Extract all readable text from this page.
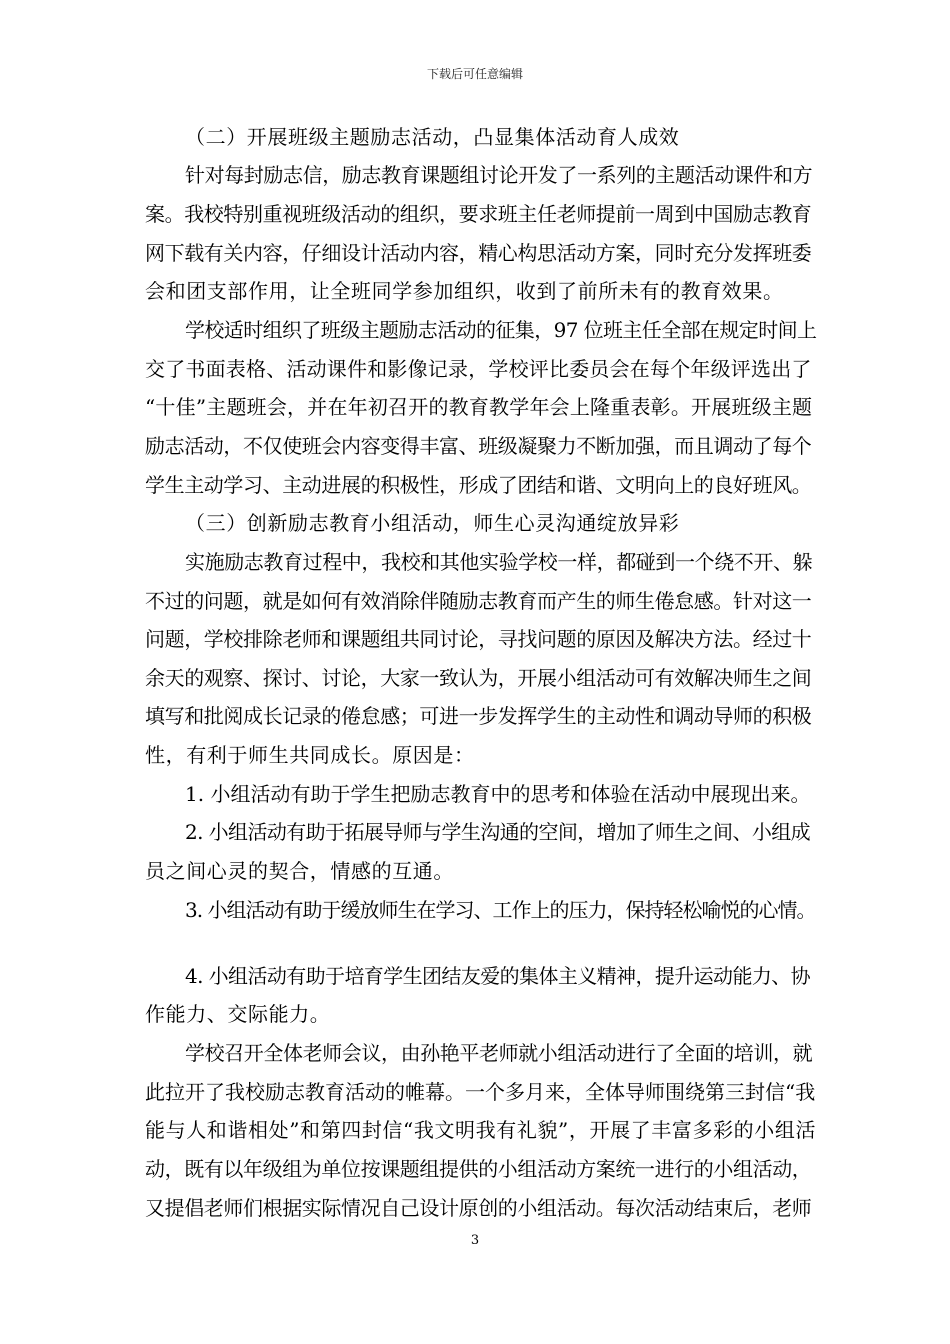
下载后可任意编辑
（二）开展班级主题励志活动，凸显集体活动育人成效
针对每封励志信，励志教育课题组讨论开发了一系列的主题活动课件和方
案。我校特别重视班级活动的组织，要求班主任老师提前一周到中国励志教育
网下载有关内容，仔细设计活动内容，精心构思活动方案，同时充分发挥班委
会和团支部作用，让全班同学参加组织，收到了前所未有的教育效果。
学校适时组织了班级主题励志活动的征集，97 位班主任全部在规定时间上
交了书面表格、活动课件和影像记录，学校评比委员会在每个年级评选出了
“十佳”主题班会，并在年初召开的教育教学年会上隆重表彰。开展班级主题
励志活动，不仅使班会内容变得丰富、班级凝聚力不断加强，而且调动了每个
学生主动学习、主动进展的积极性，形成了团结和谐、文明向上的良好班风。
（三）创新励志教育小组活动，师生心灵沟通绽放异彩
实施励志教育过程中，我校和其他实验学校一样，都碰到一个绕不开、躲
不过的问题，就是如何有效消除伴随励志教育而产生的师生倦怠感。针对这一
问题，学校排除老师和课题组共同讨论，寻找问题的原因及解决方法。经过十
余天的观察、探讨、讨论，大家一致认为，开展小组活动可有效解决师生之间
填写和批阅成长记录的倦怠感；可进一步发挥学生的主动性和调动导师的积极
性，有利于师生共同成长。原因是：
1. 小组活动有助于学生把励志教育中的思考和体验在活动中展现出来。
2. 小组活动有助于拓展导师与学生沟通的空间，增加了师生之间、小组成
员之间心灵的契合，情感的互通。
3. 小组活动有助于缓放师生在学习、工作上的压力，保持轻松喻悦的心情。
4. 小组活动有助于培育学生团结友爱的集体主义精神，提升运动能力、协
作能力、交际能力。
学校召开全体老师会议，由孙艳平老师就小组活动进行了全面的培训，就
此拉开了我校励志教育活动的帷幕。一个多月来，全体导师围绕第三封信“我
能与人和谐相处”和第四封信“我文明我有礼貌”，开展了丰富多彩的小组活
动，既有以年级组为单位按课题组提供的小组活动方案统一进行的小组活动，
又提倡老师们根据实际情况自己设计原创的小组活动。每次活动结束后，老师
3
